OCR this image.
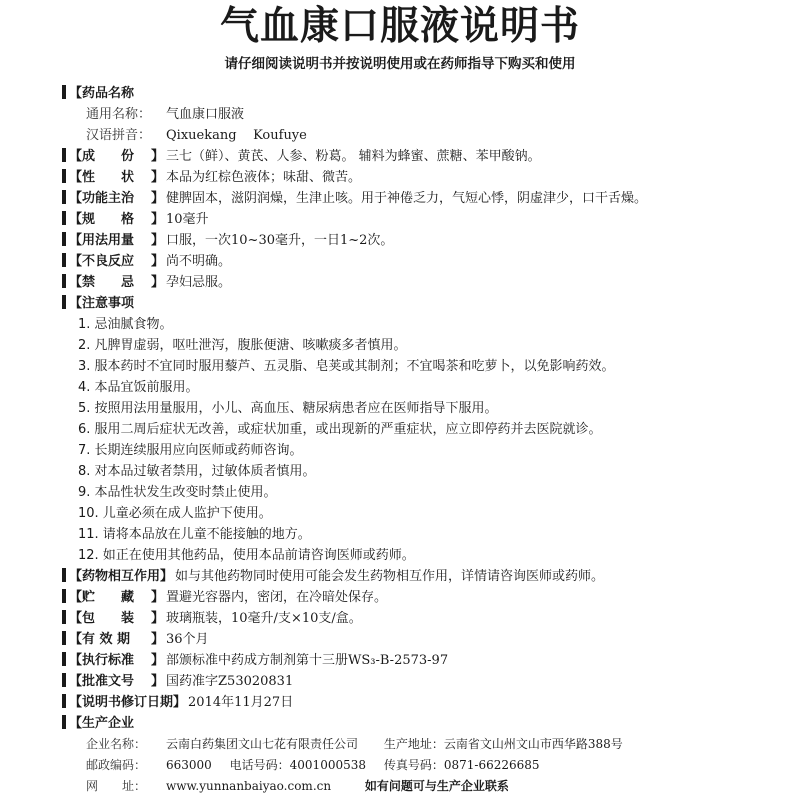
气血康口服液说明书
请仔细阅读说明书并按说明使用或在药师指导下购买和使用
【药品名称
通用名称： 气血康口服液
汉语拼音： Qixuekang    Koufuye
【成　　份 】 三七（鲜）、黄芪、人参、粉葛。 辅料为蜂蜜、蔗糖、苯甲酸钠。
【性　　状 】 本品为红棕色液体；味甜、微苦。
【功能主治 】 健脾固本，滋阴润燥，生津止咳。用于神倦乏力，气短心悸，阴虚津少，口干舌燥。
【规　　格 】 10毫升
【用法用量 】 口服，一次10~30毫升，一日1~2次。
【不良反应 】 尚不明确。
【禁　　忌 】 孕妇忌服。
【注意事项
1. 忌油腻食物。
2. 凡脾胃虚弱，呕吐泄泻，腹胀便溏、咳嗽痰多者慎用。
3. 服本药时不宜同时服用藜芦、五灵脂、皂荚或其制剂；不宜喝茶和吃萝卜，以免影响药效。
4. 本品宜饭前服用。
5. 按照用法用量服用，小儿、高血压、糖尿病患者应在医师指导下服用。
6. 服用二周后症状无改善，或症状加重，或出现新的严重症状，应立即停药并去医院就诊。
7. 长期连续服用应向医师或药师咨询。
8. 对本品过敏者禁用，过敏体质者慎用。
9. 本品性状发生改变时禁止使用。
10. 儿童必须在成人监护下使用。
11. 请将本品放在儿童不能接触的地方。
12. 如正在使用其他药品，使用本品前请咨询医师或药师。
【药物相互作用】 如与其他药物同时使用可能会发生药物相互作用，详情请咨询医师或药师。
【贮　　藏 】 置避光容器内，密闭，在冷暗处保存。
【包　　装 】 玻璃瓶装，10毫升/支×10支/盒。
【有 效 期 】 36个月
【执行标准 】 部颁标准中药成方制剂第十三册WS₃-B-2573-97
【批准文号 】 国药准字Z53020831
【说明书修订日期】 2014年11月27日
【生产企业
企业名称： 云南白药集团文山七花有限责任公司 生产地址：云南省文山州文山市西华路388号
邮政编码： 663000 电话号码：4001000538 传真号码：0871-66226685
网　　址： www.yunnanbaiyao.com.cn	如有问题可与生产企业联系
